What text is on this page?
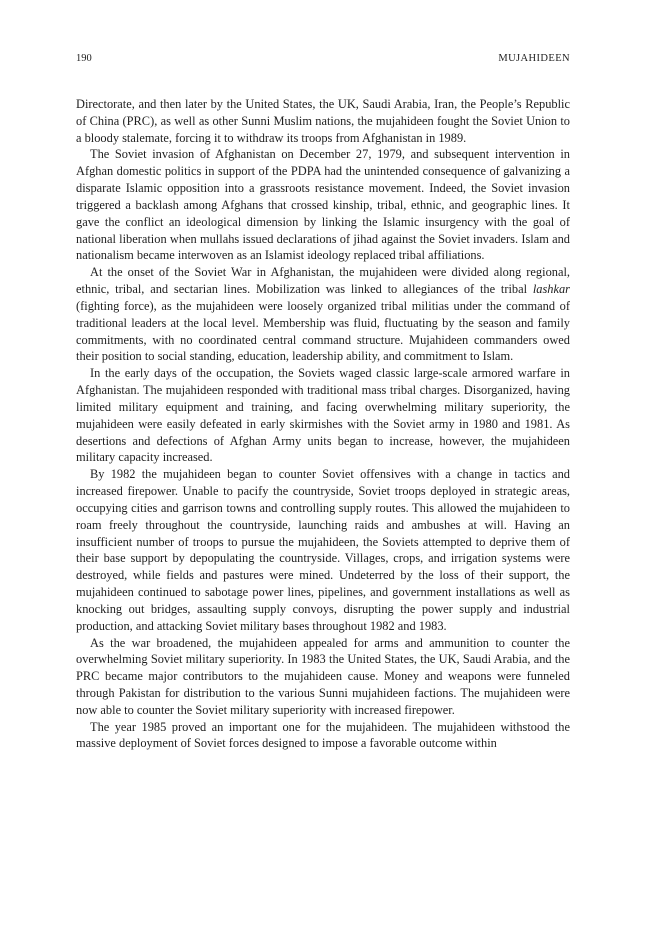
190	MUJAHIDEEN

Directorate, and then later by the United States, the UK, Saudi Arabia, Iran, the People’s Republic of China (PRC), as well as other Sunni Muslim nations, the mujahideen fought the Soviet Union to a bloody stalemate, forcing it to withdraw its troops from Afghanistan in 1989.

The Soviet invasion of Afghanistan on December 27, 1979, and subsequent intervention in Afghan domestic politics in support of the PDPA had the unintended consequence of galvanizing a disparate Islamic opposition into a grassroots resistance movement. Indeed, the Soviet invasion triggered a backlash among Afghans that crossed kinship, tribal, ethnic, and geographic lines. It gave the conflict an ideological dimension by linking the Islamic insurgency with the goal of national liberation when mullahs issued declarations of jihad against the Soviet invaders. Islam and nationalism became interwoven as an Islamist ideology replaced tribal affiliations.

At the onset of the Soviet War in Afghanistan, the mujahideen were divided along regional, ethnic, tribal, and sectarian lines. Mobilization was linked to allegiances of the tribal lashkar (fighting force), as the mujahideen were loosely organized tribal militias under the command of traditional leaders at the local level. Membership was fluid, fluctuating by the season and family commitments, with no coordinated central command structure. Mujahideen commanders owed their position to social standing, education, leadership ability, and commitment to Islam.

In the early days of the occupation, the Soviets waged classic large-scale armored warfare in Afghanistan. The mujahideen responded with traditional mass tribal charges. Disorganized, having limited military equipment and training, and facing overwhelming military superiority, the mujahideen were easily defeated in early skirmishes with the Soviet army in 1980 and 1981. As desertions and defections of Afghan Army units began to increase, however, the mujahideen military capacity increased.

By 1982 the mujahideen began to counter Soviet offensives with a change in tactics and increased firepower. Unable to pacify the countryside, Soviet troops deployed in strategic areas, occupying cities and garrison towns and controlling supply routes. This allowed the mujahideen to roam freely throughout the countryside, launching raids and ambushes at will. Having an insufficient number of troops to pursue the mujahideen, the Soviets attempted to deprive them of their base support by depopulating the countryside. Villages, crops, and irrigation systems were destroyed, while fields and pastures were mined. Undeterred by the loss of their support, the mujahideen continued to sabotage power lines, pipelines, and government installations as well as knocking out bridges, assaulting supply convoys, disrupting the power supply and industrial production, and attacking Soviet military bases throughout 1982 and 1983.

As the war broadened, the mujahideen appealed for arms and ammunition to counter the overwhelming Soviet military superiority. In 1983 the United States, the UK, Saudi Arabia, and the PRC became major contributors to the mujahideen cause. Money and weapons were funneled through Pakistan for distribution to the various Sunni mujahideen factions. The mujahideen were now able to counter the Soviet military superiority with increased firepower.

The year 1985 proved an important one for the mujahideen. The mujahideen withstood the massive deployment of Soviet forces designed to impose a favorable outcome within
